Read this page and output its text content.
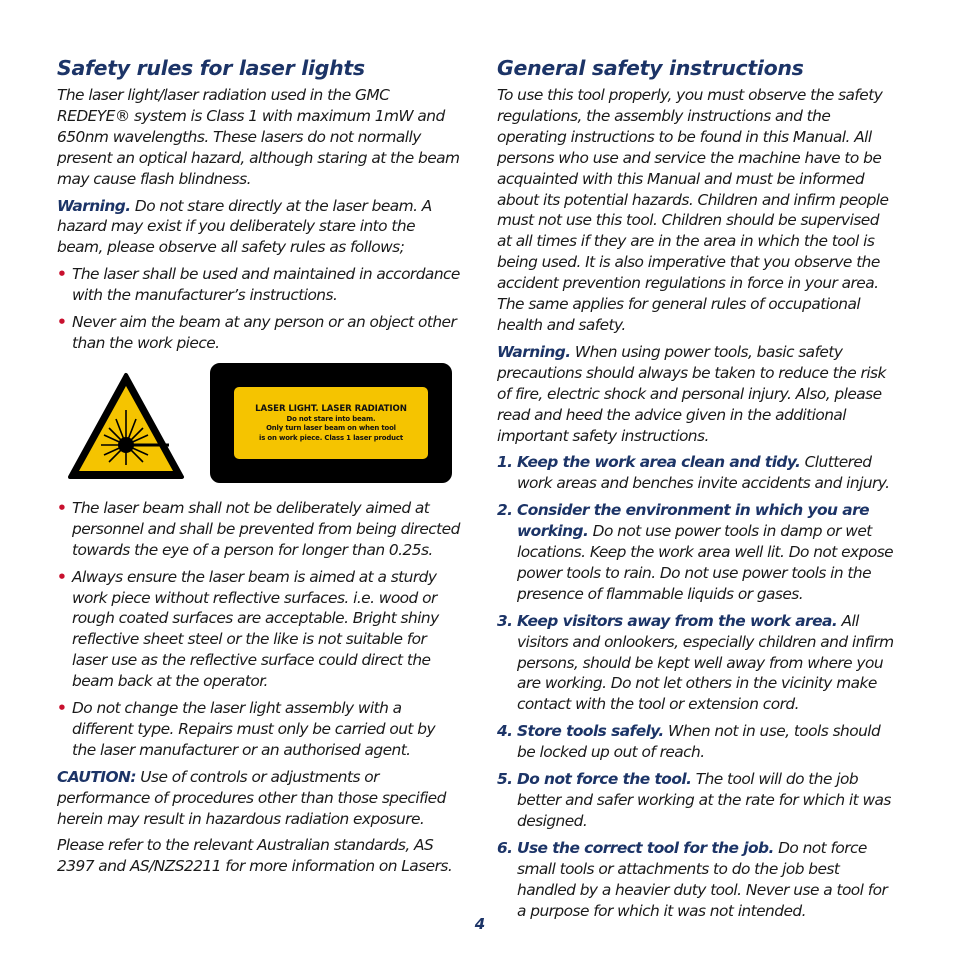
Safety rules for laser lights

The laser light/laser radiation used in the GMC REDEYE® system is Class 1 with maximum 1mW and 650nm wavelengths. These lasers do not normally present an optical hazard, although staring at the beam may cause flash blindness.

Warning. Do not stare directly at the laser beam. A hazard may exist if you deliberately stare into the beam, please observe all safety rules as follows;

• The laser shall be used and maintained in accordance with the manufacturer’s instructions.

• Never aim the beam at any person or an object other than the work piece.

LASER LIGHT. LASER RADIATION
Do not stare into beam.
Only turn laser beam on when tool
is on work piece. Class 1 laser product

• The laser beam shall not be deliberately aimed at personnel and shall be prevented from being directed towards the eye of a person for longer than 0.25s.

• Always ensure the laser beam is aimed at a sturdy work piece without reflective surfaces. i.e. wood or rough coated surfaces are acceptable. Bright shiny reflective sheet steel or the like is not suitable for laser use as the reflective surface could direct the beam back at the operator.

• Do not change the laser light assembly with a different type. Repairs must only be carried out by the laser manufacturer or an authorised agent.

CAUTION: Use of controls or adjustments or performance of procedures other than those specified herein may result in hazardous radiation exposure.

Please refer to the relevant Australian standards, AS 2397 and AS/NZS2211 for more information on Lasers.

General safety instructions

To use this tool properly, you must observe the safety regulations, the assembly instructions and the operating instructions to be found in this Manual. All persons who use and service the machine have to be acquainted with this Manual and must be informed about its potential hazards. Children and infirm people must not use this tool. Children should be supervised at all times if they are in the area in which the tool is being used. It is also imperative that you observe the accident prevention regulations in force in your area. The same applies for general rules of occupational health and safety.

Warning. When using power tools, basic safety precautions should always be taken to reduce the risk of fire, electric shock and personal injury. Also, please read and heed the advice given in the additional important safety instructions.

1. Keep the work area clean and tidy. Cluttered work areas and benches invite accidents and injury.

2. Consider the environment in which you are working. Do not use power tools in damp or wet locations. Keep the work area well lit. Do not expose power tools to rain. Do not use power tools in the presence of flammable liquids or gases.

3. Keep visitors away from the work area. All visitors and onlookers, especially children and infirm persons, should be kept well away from where you are working. Do not let others in the vicinity make contact with the tool or extension cord.

4. Store tools safely. When not in use, tools should be locked up out of reach.

5. Do not force the tool. The tool will do the job better and safer working at the rate for which it was designed.

6. Use the correct tool for the job. Do not force small tools or attachments to do the job best handled by a heavier duty tool. Never use a tool for a purpose for which it was not intended.

4
